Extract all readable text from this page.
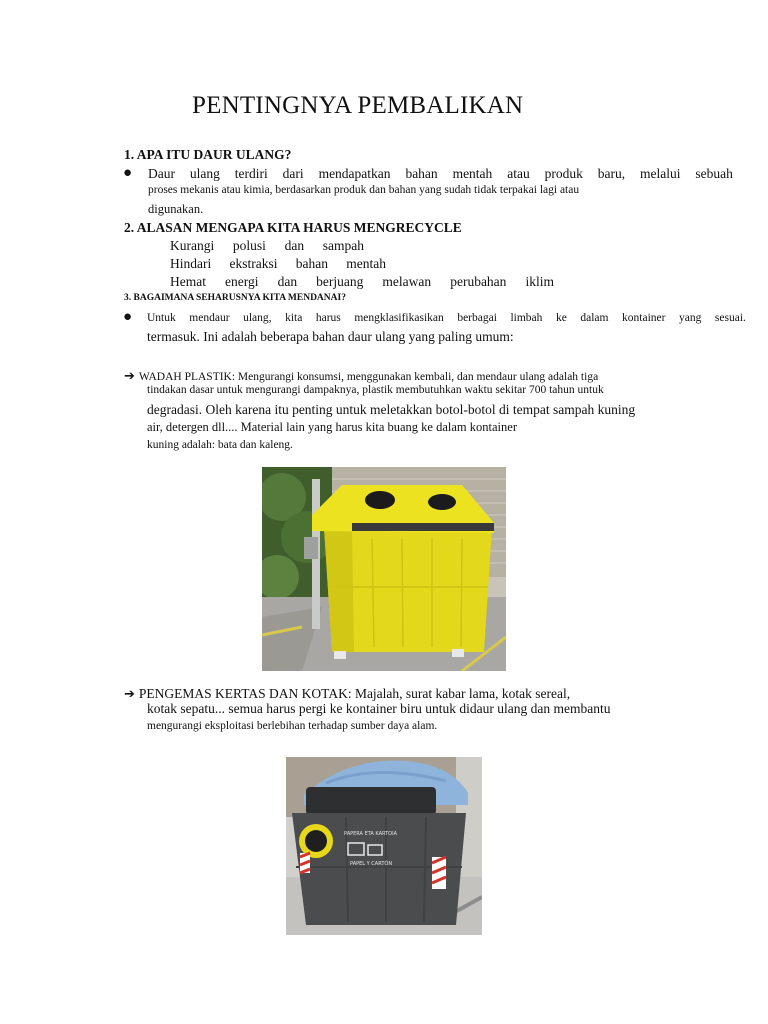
PENTINGNYA PEMBALIKAN
1. APA ITU DAUR ULANG?
● Daur ulang terdiri dari mendapatkan bahan mentah atau produk baru, melalui sebuah
proses mekanis atau kimia, berdasarkan produk dan bahan yang sudah tidak terpakai lagi atau
digunakan.
2. ALASAN MENGAPA KITA HARUS MENGRECYCLE
Kurangi polusi dan sampah
Hindari ekstraksi bahan mentah
Hemat energi dan berjuang melawan perubahan iklim
3. BAGAIMANA SEHARUSNYA KITA MENDANAI?
● Untuk mendaur ulang, kita harus mengklasifikasikan berbagai limbah ke dalam kontainer yang sesuai.
termasuk. Ini adalah beberapa bahan daur ulang yang paling umum:
➔ WADAH PLASTIK: Mengurangi konsumsi, menggunakan kembali, dan mendaur ulang adalah tiga
tindakan dasar untuk mengurangi dampaknya, plastik membutuhkan waktu sekitar 700 tahun untuk
degradasi. Oleh karena itu penting untuk meletakkan botol-botol di tempat sampah kuning
air, detergen dll.... Material lain yang harus kita buang ke dalam kontainer
kuning adalah: bata dan kaleng.
➔ PENGEMAS KERTAS DAN KOTAK: Majalah, surat kabar lama, kotak sereal,
kotak sepatu... semua harus pergi ke kontainer biru untuk didaur ulang dan membantu
mengurangi eksploitasi berlebihan terhadap sumber daya alam.
PAPERA ETA KARTOIA
PAPEL Y CARTÓN
